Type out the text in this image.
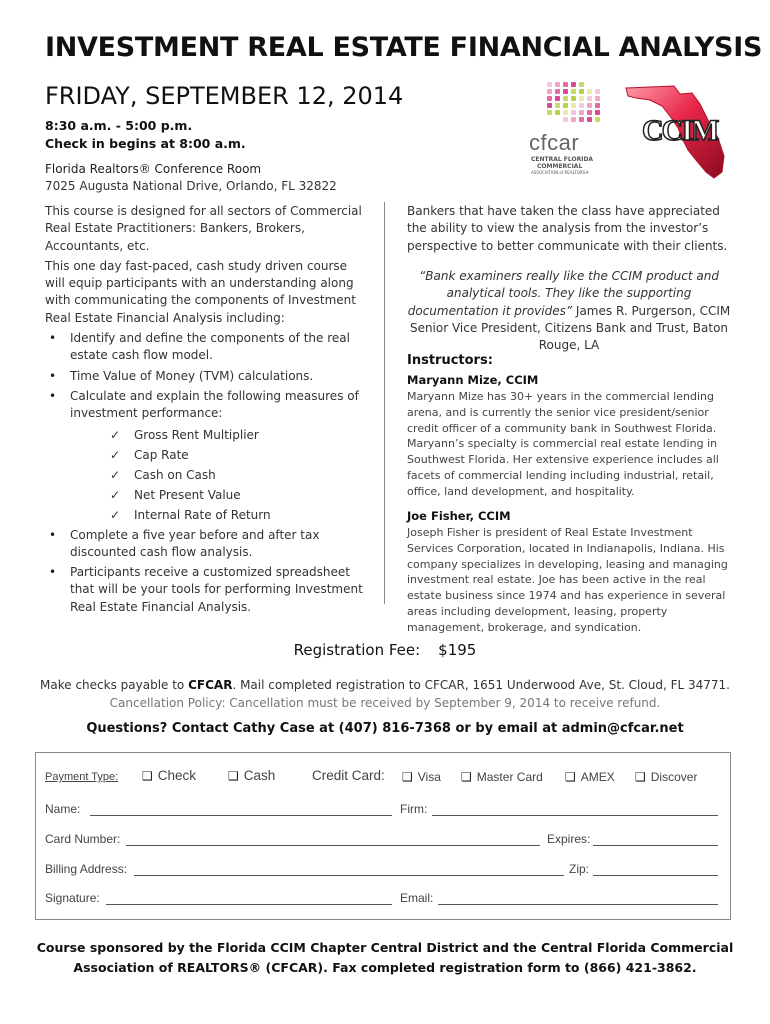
INVESTMENT REAL ESTATE FINANCIAL ANALYSIS
FRIDAY, SEPTEMBER 12, 2014
8:30 a.m. - 5:00 p.m.
Check in begins at 8:00 a.m.
Florida Realtors® Conference Room
7025 Augusta National Drive, Orlando, FL 32822
cfcar
CENTRAL FLORIDA
COMMERCIAL
ASSOCIATION of REALTORS®
CCIM
This course is designed for all sectors of Commercial Real Estate Practitioners: Bankers, Brokers, Accountants, etc.
This one day fast-paced, cash study driven course will equip participants with an understanding along with communicating the components of Investment Real Estate Financial Analysis including:
• Identify and define the components of the real estate cash flow model.
• Time Value of Money (TVM) calculations.
• Calculate and explain the following measures of investment performance:
✓ Gross Rent Multiplier
✓ Cap Rate
✓ Cash on Cash
✓ Net Present Value
✓ Internal Rate of Return
• Complete a five year before and after tax discounted cash flow analysis.
• Participants receive a customized spreadsheet that will be your tools for performing Investment Real Estate Financial Analysis.
Bankers that have taken the class have appreciated the ability to view the analysis from the investor’s perspective to better communicate with their clients.
“Bank examiners really like the CCIM product and analytical tools. They like the supporting documentation it provides” James R. Purgerson, CCIM Senior Vice President, Citizens Bank and Trust, Baton Rouge, LA
Instructors:
Maryann Mize, CCIM
Maryann Mize has 30+ years in the commercial lending arena, and is currently the senior vice president/senior credit officer of a community bank in Southwest Florida. Maryann’s specialty is commercial real estate lending in Southwest Florida. Her extensive experience includes all facets of commercial lending including industrial, retail, office, land development, and hospitality.
Joe Fisher, CCIM
Joseph Fisher is president of Real Estate Investment Services Corporation, located in Indianapolis, Indiana. His company specializes in developing, leasing and managing investment real estate. Joe has been active in the real estate business since 1974 and has experience in several areas including development, leasing, property management, brokerage, and syndication.
Registration Fee: $195
Make checks payable to CFCAR. Mail completed registration to CFCAR, 1651 Underwood Ave, St. Cloud, FL 34771.
Cancellation Policy: Cancellation must be received by September 9, 2014 to receive refund.
Questions? Contact Cathy Case at (407) 816-7368 or by email at admin@cfcar.net
Payment Type: ❑ Check	❑ Cash	Credit Card: ❑ Visa ❑ Master Card ❑ AMEX ❑ Discover
Name:	Firm:
Card Number:	Expires:
Billing Address:	Zip:
Signature:	Email:
Course sponsored by the Florida CCIM Chapter Central District and the Central Florida Commercial
Association of REALTORS® (CFCAR). Fax completed registration form to (866) 421-3862.
